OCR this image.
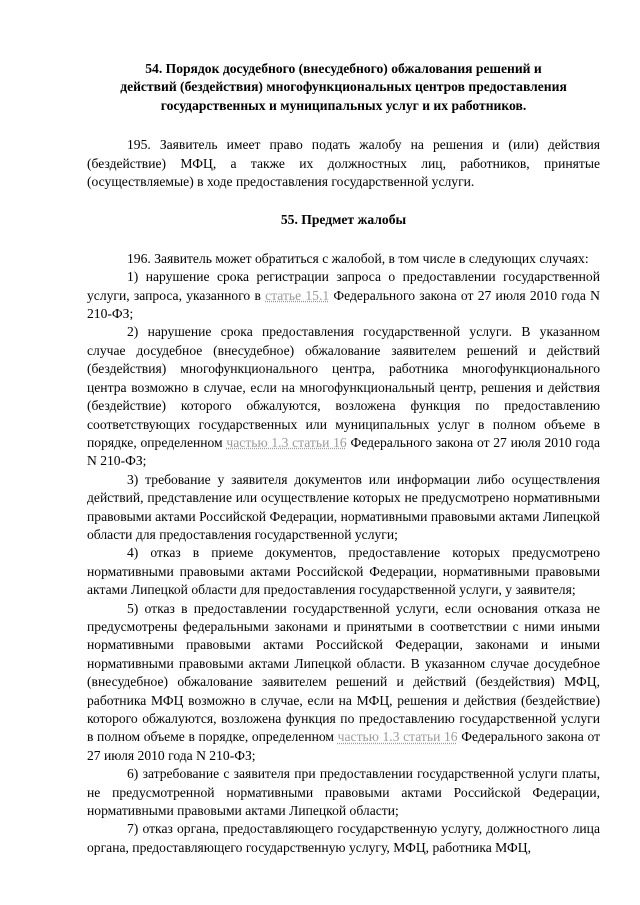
54. Порядок досудебного (внесудебного) обжалования решений и
действий (бездействия) многофункциональных центров предоставления
государственных и муниципальных услуг и их работников.

195. Заявитель имеет право подать жалобу на решения и (или) действия (бездействие) МФЦ, а также их должностных лиц, работников, принятые (осуществляемые) в ходе предоставления государственной услуги.

55. Предмет жалобы

196. Заявитель может обратиться с жалобой, в том числе в следующих случаях:

1) нарушение срока регистрации запроса о предоставлении государственной услуги, запроса, указанного в статье 15.1 Федерального закона от 27 июля 2010 года N 210-ФЗ;

2) нарушение срока предоставления государственной услуги. В указанном случае досудебное (внесудебное) обжалование заявителем решений и действий (бездействия) многофункционального центра, работника многофункционального центра возможно в случае, если на многофункциональный центр, решения и действия (бездействие) которого обжалуются, возложена функция по предоставлению соответствующих государственных или муниципальных услуг в полном объеме в порядке, определенном частью 1.3 статьи 16 Федерального закона от 27 июля 2010 года N 210-ФЗ;

3) требование у заявителя документов или информации либо осуществления действий, представление или осуществление которых не предусмотрено нормативными правовыми актами Российской Федерации, нормативными правовыми актами Липецкой области для предоставления государственной услуги;

4) отказ в приеме документов, предоставление которых предусмотрено нормативными правовыми актами Российской Федерации, нормативными правовыми актами Липецкой области для предоставления государственной услуги, у заявителя;

5) отказ в предоставлении государственной услуги, если основания отказа не предусмотрены федеральными законами и принятыми в соответствии с ними иными нормативными правовыми актами Российской Федерации, законами и иными нормативными правовыми актами Липецкой области. В указанном случае досудебное (внесудебное) обжалование заявителем решений и действий (бездействия) МФЦ, работника МФЦ возможно в случае, если на МФЦ, решения и действия (бездействие) которого обжалуются, возложена функция по предоставлению государственной услуги в полном объеме в порядке, определенном частью 1.3 статьи 16 Федерального закона от 27 июля 2010 года N 210-ФЗ;

6) затребование с заявителя при предоставлении государственной услуги платы, не предусмотренной нормативными правовыми актами Российской Федерации, нормативными правовыми актами Липецкой области;

7) отказ органа, предоставляющего государственную услугу, должностного лица органа, предоставляющего государственную услугу, МФЦ, работника МФЦ,
